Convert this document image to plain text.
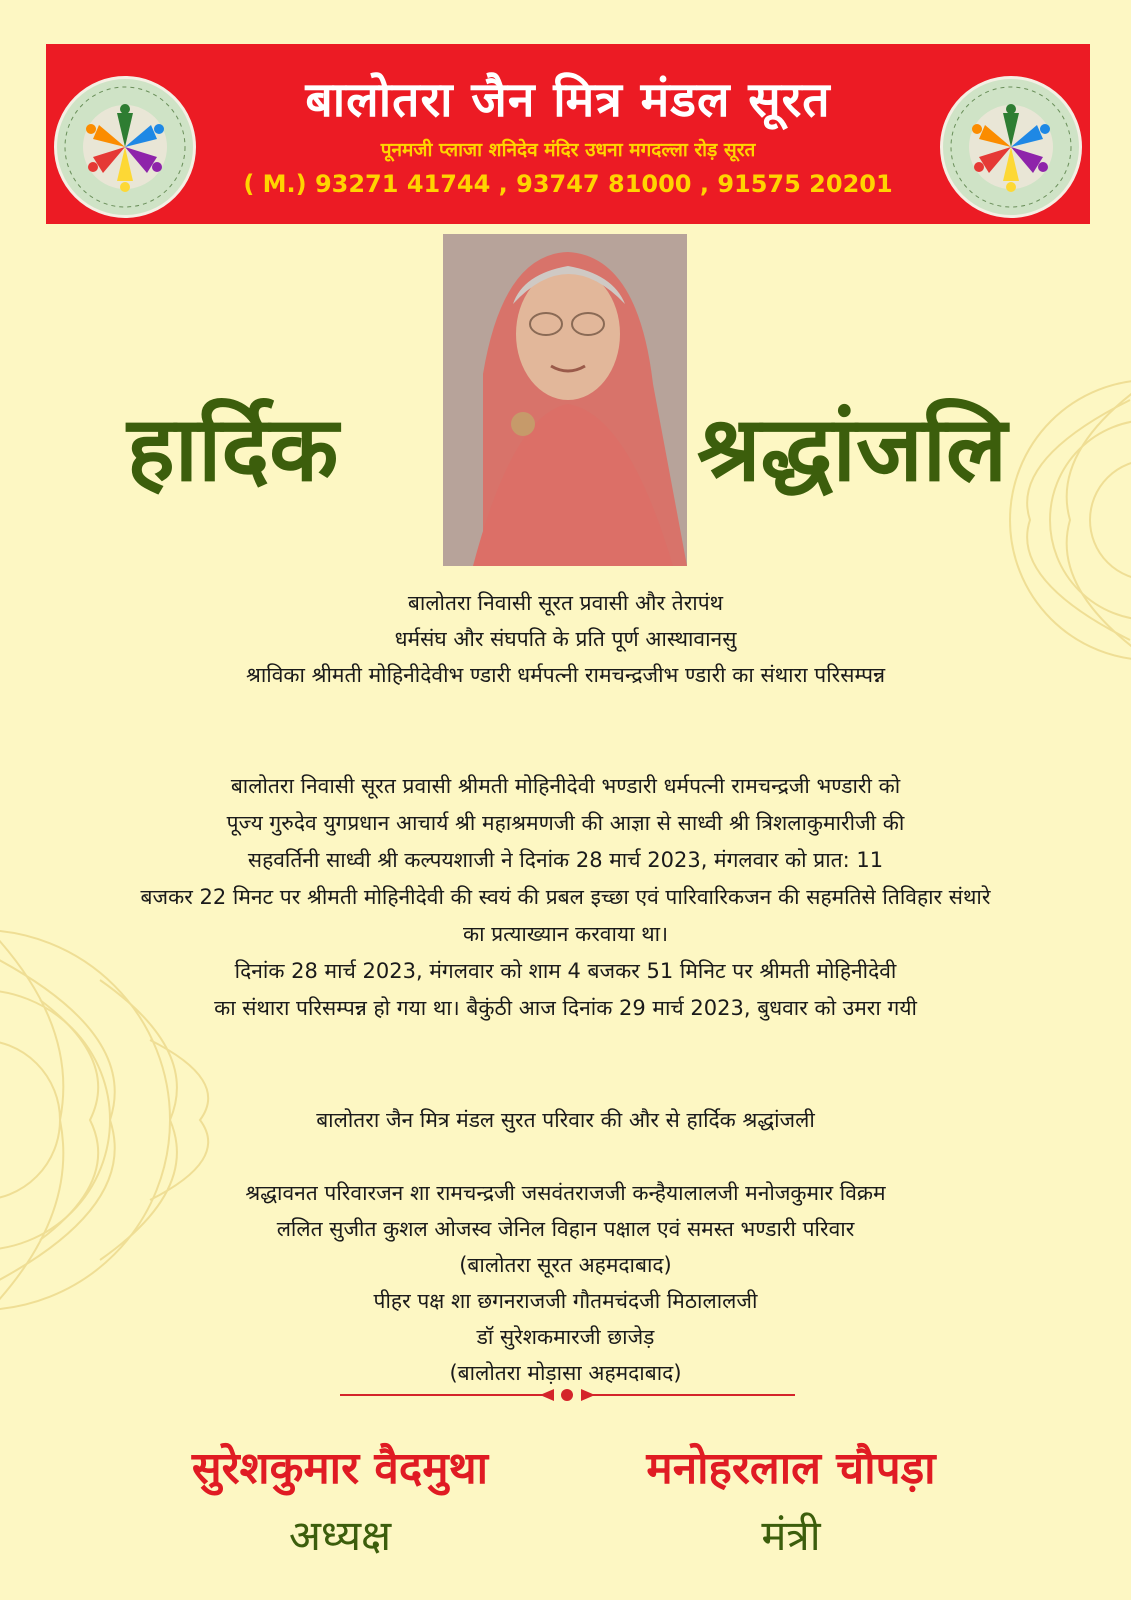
बालोतरा जैन मित्र मंडल सूरत
पूनमजी प्लाजा शनिदेव मंदिर उधना मगदल्ला रोड़ सूरत
( M.) 93271 41744 , 93747 81000 , 91575 20201
हार्दिक	श्रद्धांजलि

बालोतरा निवासी सूरत प्रवासी और तेरापंथ

धर्मसंघ और संघपति के प्रति पूर्ण आस्थावानसु

श्राविका श्रीमती मोहिनीदेवीभ ण्डारी धर्मपत्नी रामचन्द्रजीभ ण्डारी का संथारा परिसम्पन्न

बालोतरा निवासी सूरत प्रवासी श्रीमती मोहिनीदेवी भण्डारी धर्मपत्नी रामचन्द्रजी भण्डारी को

पूज्य गुरुदेव युगप्रधान आचार्य श्री महाश्रमणजी की आज्ञा से साध्वी श्री त्रिशलाकुमारीजी की

सहवर्तिनी साध्वी श्री कल्पयशाजी ने दिनांक 28 मार्च 2023, मंगलवार को प्रात: 11

बजकर 22 मिनट पर श्रीमती मोहिनीदेवी की स्वयं की प्रबल इच्छा एवं पारिवारिकजन की सहमतिसे तिविहार संथारे

का प्रत्याख्यान करवाया था।

दिनांक 28 मार्च 2023, मंगलवार को शाम 4 बजकर 51 मिनिट पर श्रीमती मोहिनीदेवी

का संथारा परिसम्पन्न हो गया था। बैकुंठी आज दिनांक 29 मार्च 2023, बुधवार को उमरा गयी

बालोतरा जैन मित्र मंडल सुरत परिवार की और से हार्दिक श्रद्धांजली

श्रद्धावनत परिवारजन शा रामचन्द्रजी जसवंतराजजी कन्हैयालालजी मनोजकुमार विक्रम

ललित सुजीत कुशल ओजस्व जेनिल विहान पक्षाल एवं समस्त भण्डारी परिवार

(बालोतरा सूरत अहमदाबाद)

पीहर पक्ष शा छगनराजजी गौतमचंदजी मिठालालजी

डॉ सुरेशकमारजी छाजेड़

(बालोतरा मोड़ासा अहमदाबाद)

सुरेशकुमार वैदमुथा
अध्यक्ष
मनोहरलाल चौपड़ा
मंत्री
